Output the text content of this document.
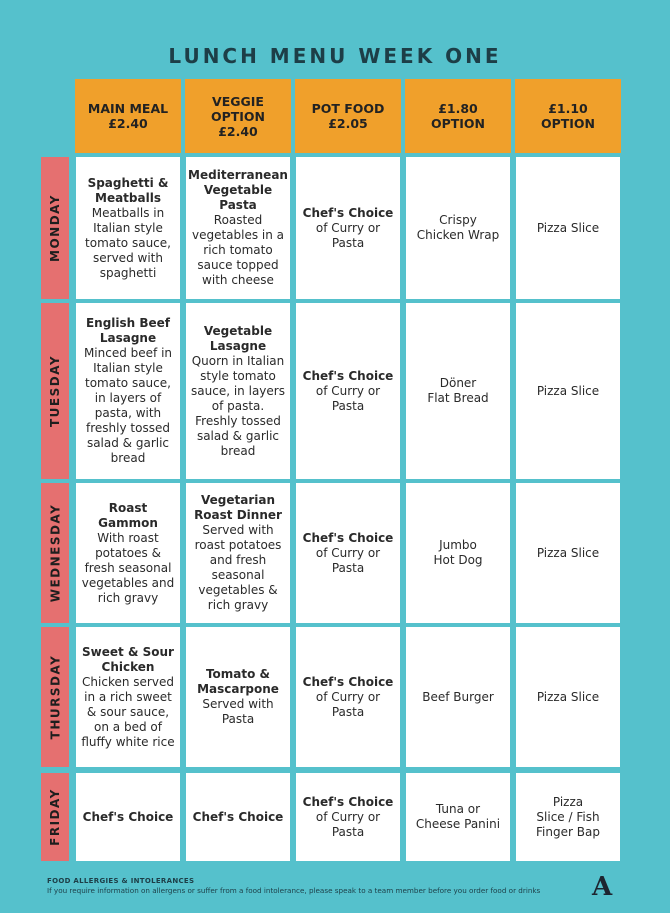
LUNCH MENU WEEK ONE
MAIN MEAL
£2.40
VEGGIE
OPTION
£2.40
POT FOOD
£2.05
£1.80
OPTION
£1.10
OPTION
MONDAY
Spaghetti &
Meatballs
Meatballs in
Italian style
tomato sauce,
served with
spaghetti
Mediterranean
Vegetable
Pasta
Roasted
vegetables in a
rich tomato
sauce topped
with cheese
Chef's Choice
of Curry or
Pasta
Crispy
Chicken Wrap
Pizza Slice
TUESDAY
English Beef
Lasagne
Minced beef in
Italian style
tomato sauce,
in layers of
pasta, with
freshly tossed
salad & garlic
bread
Vegetable
Lasagne
Quorn in Italian
style tomato
sauce, in layers
of pasta.
Freshly tossed
salad & garlic
bread
Chef's Choice
of Curry or
Pasta
Döner
Flat Bread
Pizza Slice
WEDNESDAY	Roast
Gammon
With roast
potatoes &
fresh seasonal
vegetables and
rich gravy
Vegetarian
Roast Dinner
Served with
roast potatoes
and fresh
seasonal
vegetables &
rich gravy
Chef's Choice
of Curry or
Pasta
Jumbo
Hot Dog
Pizza Slice
THURSDAY
Sweet & Sour
Chicken
Chicken served
in a rich sweet
& sour sauce,
on a bed of
fluffy white rice
Tomato &
Mascarpone
Served with
Pasta
Chef's Choice
of Curry or
Pasta
Beef Burger	Pizza Slice
FRIDAY Chef's Choice Chef's Choice
Chef's Choice
of Curry or
Pasta
Tuna or
Cheese Panini
Pizza
Slice / Fish
Finger Bap
FOOD ALLERGIES & INTOLERANCES
If you require information on allergens or suffer from a food intolerance, please speak to a team member before you order food or drinks A
